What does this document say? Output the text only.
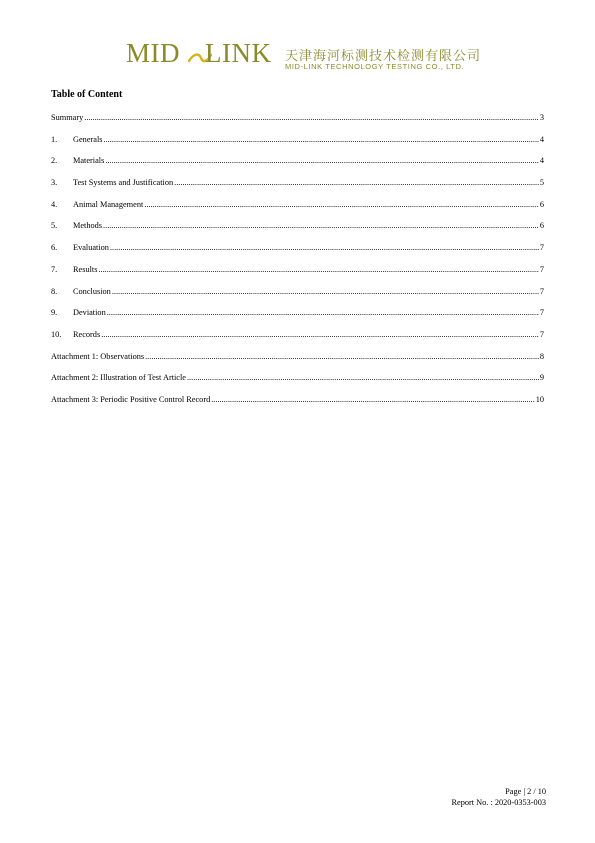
MID LINK 天津海河标测技术检测有限公司
MID-LINK TECHNOLOGY TESTING CO., LTD.
Table of Content
Summary .....	3
1.	Generals .....	4
2.	Materials .....	4
3.	Test Systems and Justification .....	5
4.	Animal Management .....	6
5.	Methods .....	6
6.	Evaluation .....	7
7.	Results .....	7
8.	Conclusion .....	7
9.	Deviation .....	7
10.	Records .....	7
Attachment 1: Observations .....	8
Attachment 2: Illustration of Test Article .....	9
Attachment 3: Periodic Positive Control Record .....	10
Page | 2 / 10
Report No. : 2020-0353-003
